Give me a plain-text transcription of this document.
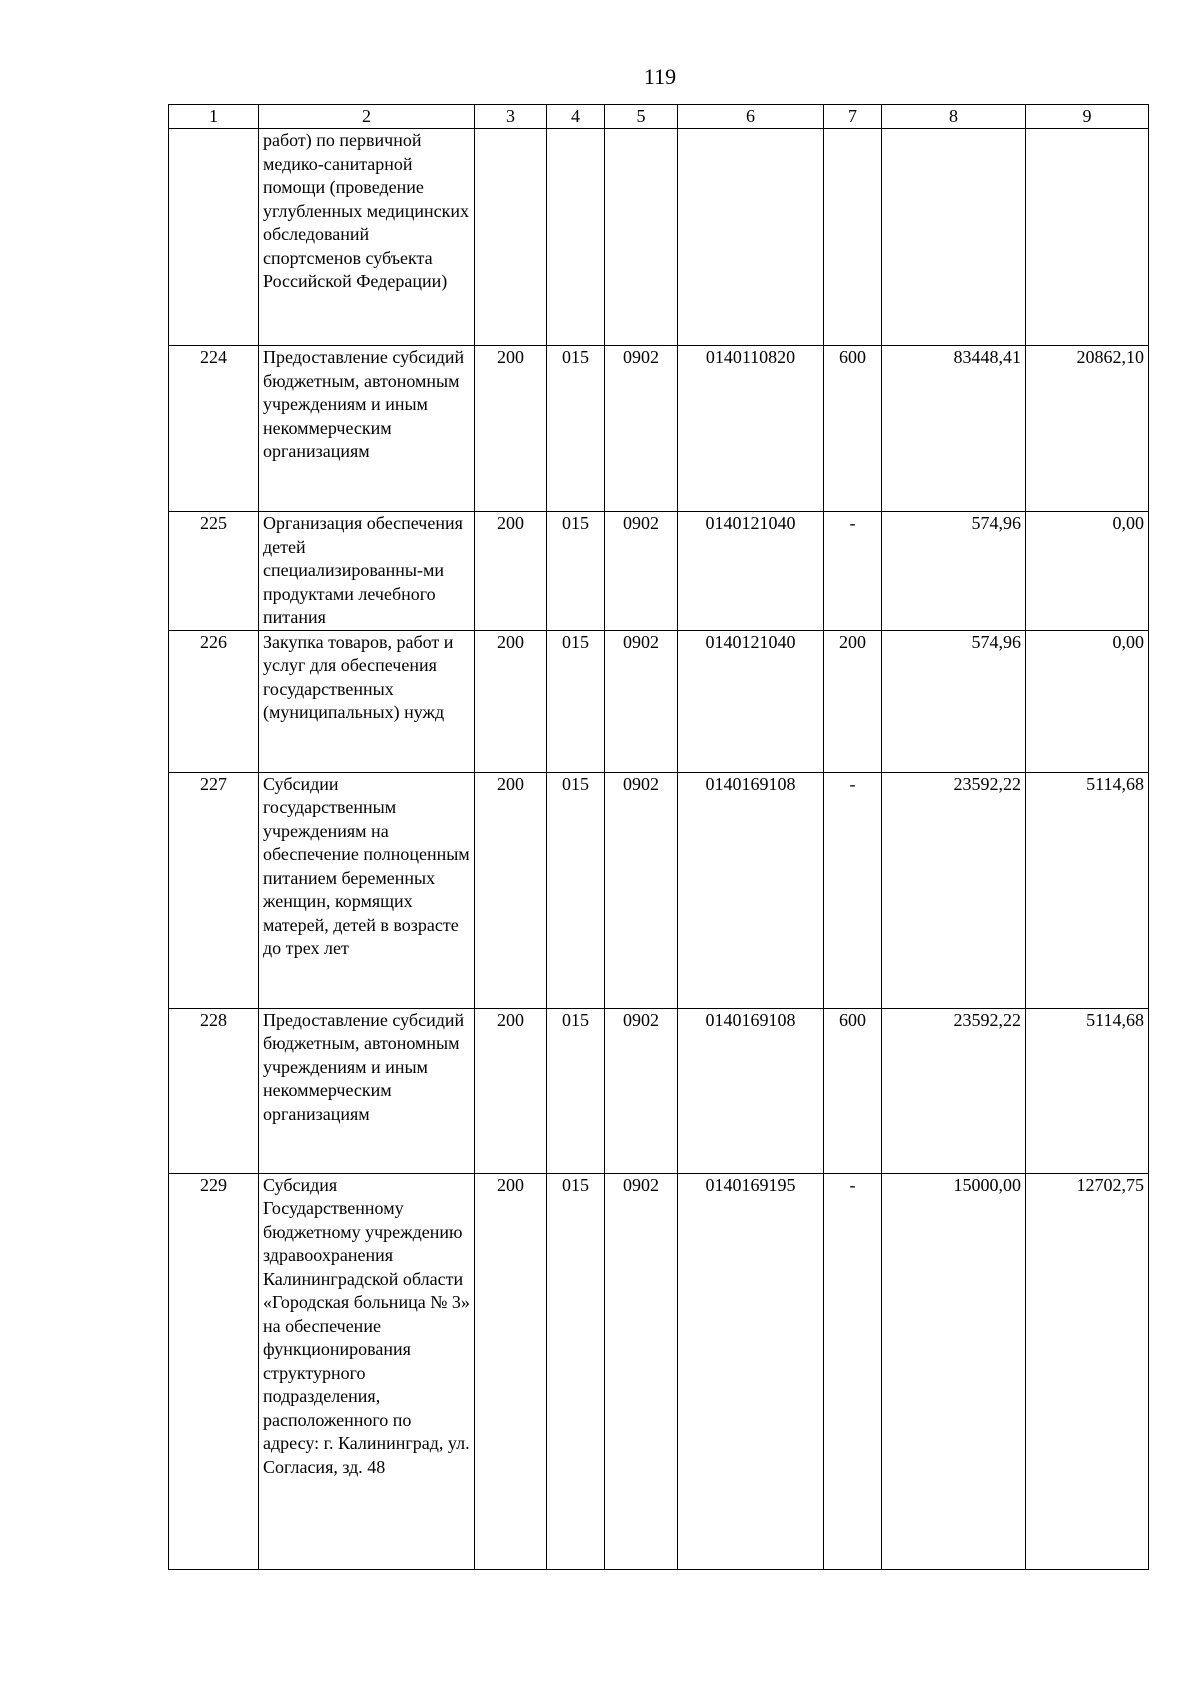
119
1	2	3	4	5	6	7	8	9
	работ) по первичной медико-санитарной помощи (проведение углубленных медицинских обследований спортсменов субъекта Российской Федерации)							
224	Предоставление субсидий бюджетным, автономным учреждениям и иным некоммерческим организациям	200	015	0902	0140110820	600	83448,41	20862,10
225	Организация обеспечения детей специализированны-ми продуктами лечебного питания	200	015	0902	0140121040	-	574,96	0,00
226	Закупка товаров, работ и услуг для обеспечения государственных (муниципальных) нужд	200	015	0902	0140121040	200	574,96	0,00
227	Субсидии государственным учреждениям на обеспечение полноценным питанием беременных женщин, кормящих матерей, детей в возрасте до трех лет	200	015	0902	0140169108	-	23592,22	5114,68
228	Предоставление субсидий бюджетным, автономным учреждениям и иным некоммерческим организациям	200	015	0902	0140169108	600	23592,22	5114,68
229	Субсидия Государственному бюджетному учреждению здравоохранения Калининградской области «Городская больница № 3» на обеспечение функционирования структурного подразделения, расположенного по адресу: г. Калининград, ул. Согласия, зд. 48	200	015	0902	0140169195	-	15000,00	12702,75
